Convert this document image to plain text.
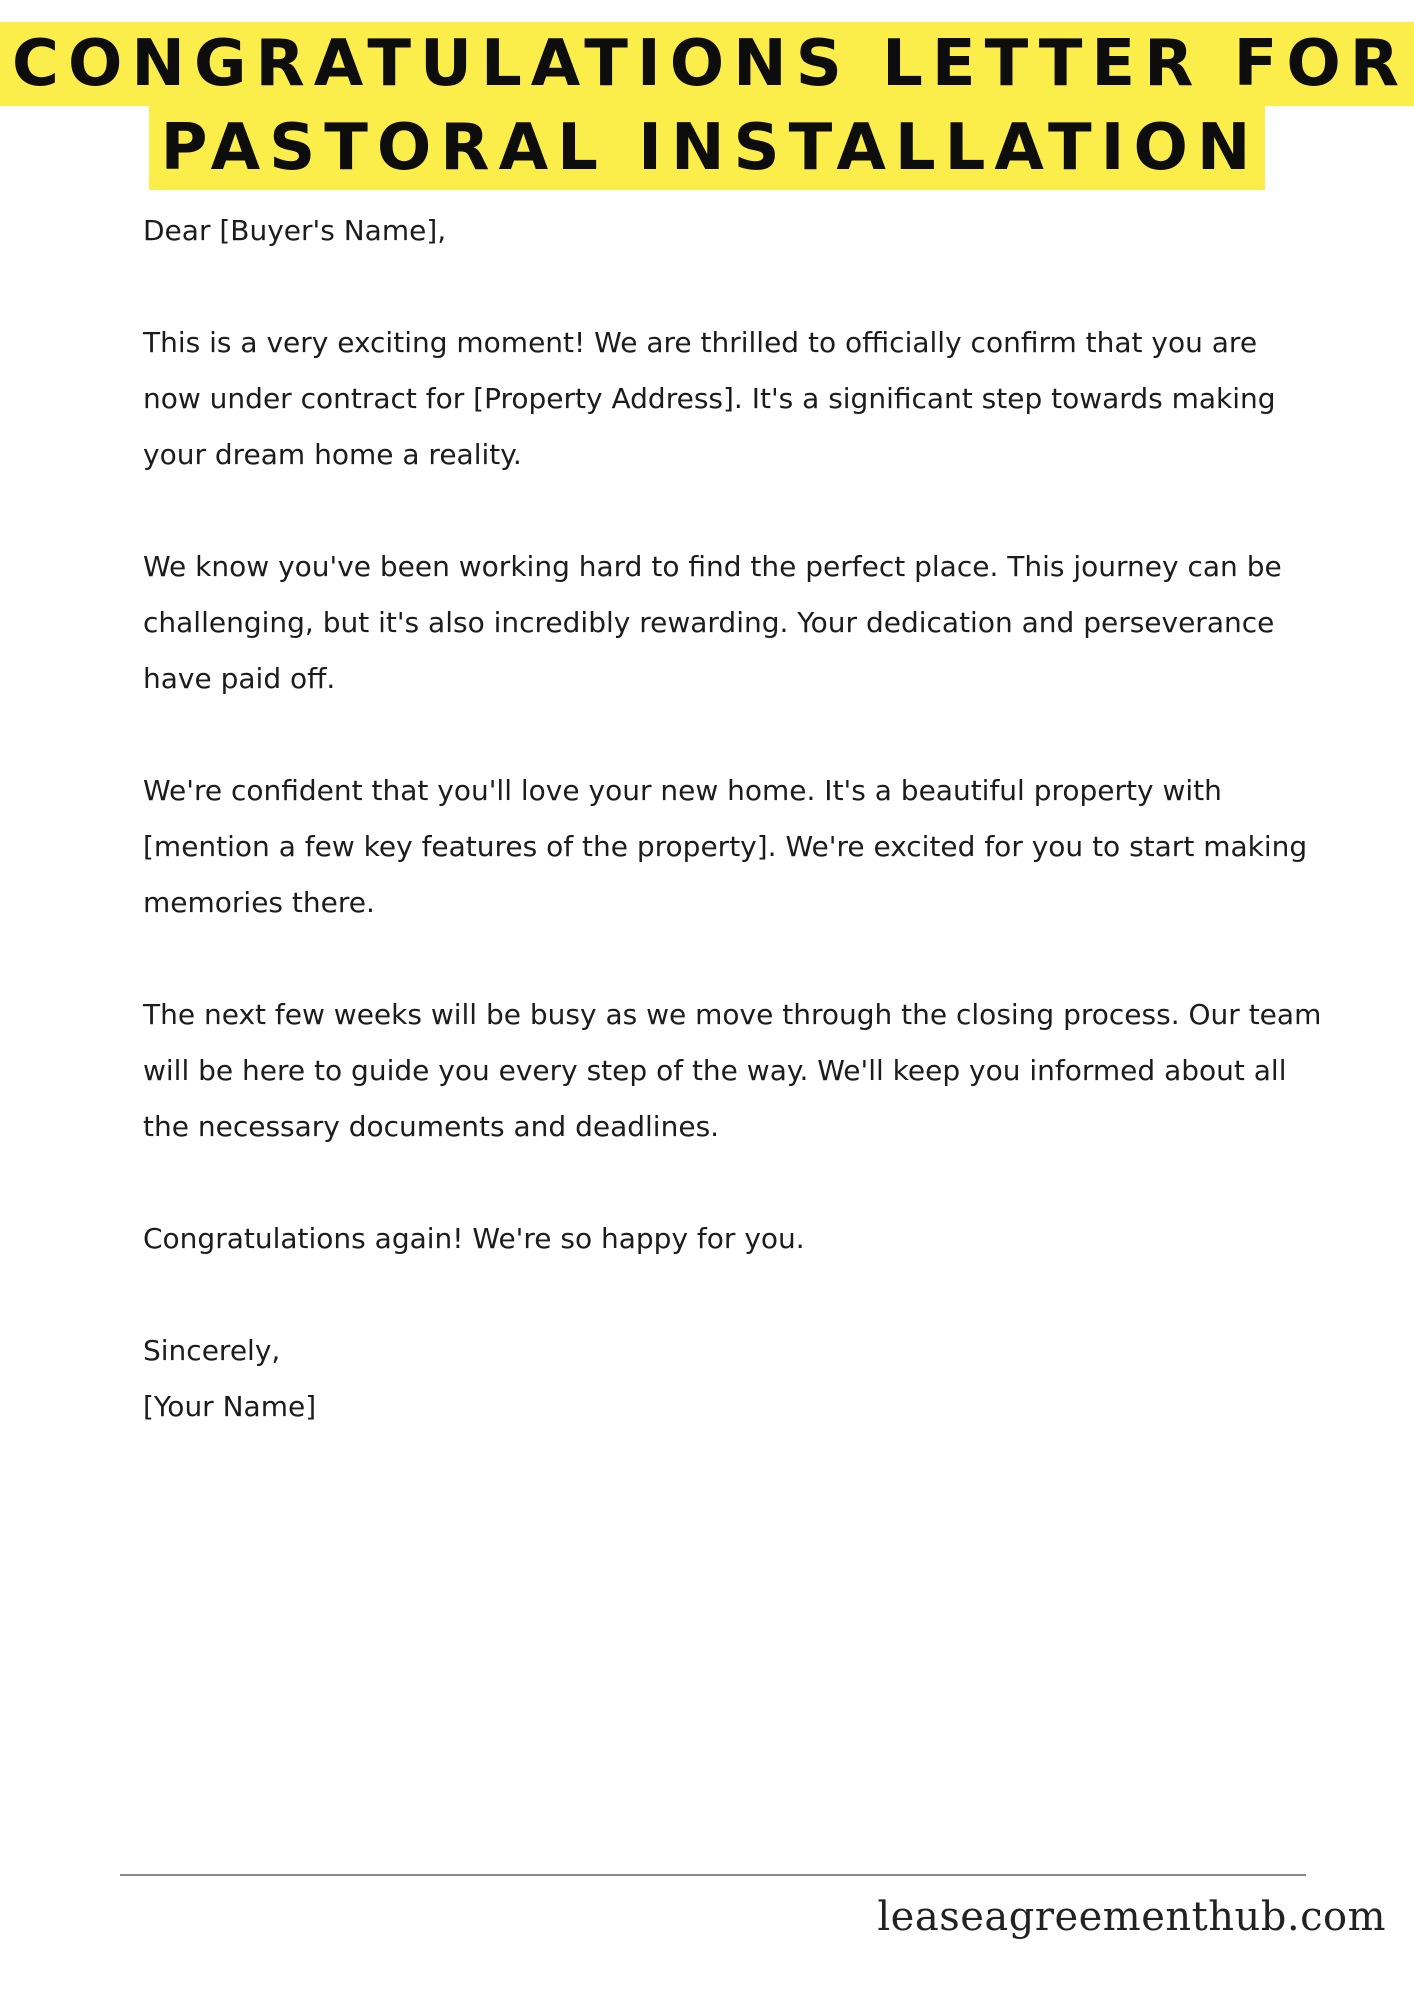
CONGRATULATIONS LETTER FOR
PASTORAL INSTALLATION

Dear [Buyer's Name],

This is a very exciting moment! We are thrilled to officially confirm that you are now under contract for [Property Address]. It's a significant step towards making your dream home a reality.

We know you've been working hard to find the perfect place. This journey can be challenging, but it's also incredibly rewarding. Your dedication and perseverance have paid off.

We're confident that you'll love your new home. It's a beautiful property with [mention a few key features of the property]. We're excited for you to start making memories there.

The next few weeks will be busy as we move through the closing process. Our team will be here to guide you every step of the way. We'll keep you informed about all the necessary documents and deadlines.

Congratulations again! We're so happy for you.

Sincerely,

[Your Name]

leaseagreementhub.com
